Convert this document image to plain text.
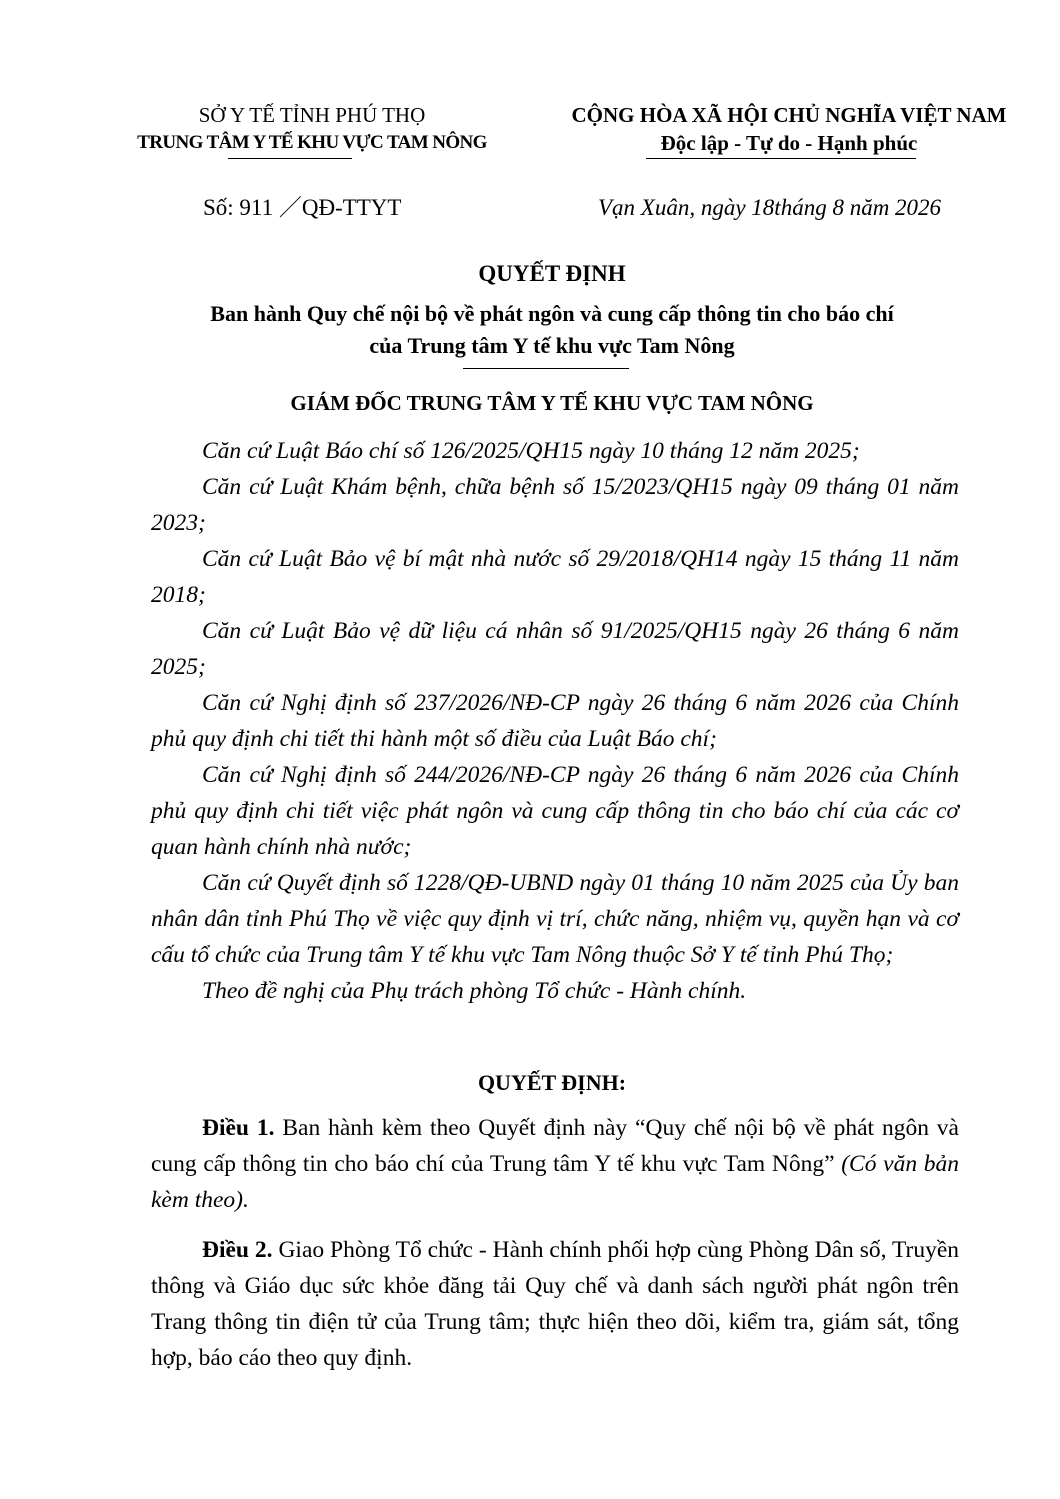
SỞ Y TẾ TỈNH PHÚ THỌ
TRUNG TÂM Y TẾ KHU VỰC TAM NÔNG
CỘNG HÒA XÃ HỘI CHỦ NGHĨA VIỆT NAM
Độc lập - Tự do - Hạnh phúc
Số: 911 ／QĐ-TTYT	Vạn Xuân, ngày 18tháng 8 năm 2026
QUYẾT ĐỊNH
Ban hành Quy chế nội bộ về phát ngôn và cung cấp thông tin cho báo chí
của Trung tâm Y tế khu vực Tam Nông
GIÁM ĐỐC TRUNG TÂM Y TẾ KHU VỰC TAM NÔNG

Căn cứ Luật Báo chí số 126/2025/QH15 ngày 10 tháng 12 năm 2025;

Căn cứ Luật Khám bệnh, chữa bệnh số 15/2023/QH15 ngày 09 tháng 01 năm 2023;

Căn cứ Luật Bảo vệ bí mật nhà nước số 29/2018/QH14 ngày 15 tháng 11 năm 2018;

Căn cứ Luật Bảo vệ dữ liệu cá nhân số 91/2025/QH15 ngày 26 tháng 6 năm 2025;

Căn cứ Nghị định số 237/2026/NĐ-CP ngày 26 tháng 6 năm 2026 của Chính phủ quy định chi tiết thi hành một số điều của Luật Báo chí;

Căn cứ Nghị định số 244/2026/NĐ-CP ngày 26 tháng 6 năm 2026 của Chính phủ quy định chi tiết việc phát ngôn và cung cấp thông tin cho báo chí của các cơ quan hành chính nhà nước;

Căn cứ Quyết định số 1228/QĐ-UBND ngày 01 tháng 10 năm 2025 của Ủy ban nhân dân tỉnh Phú Thọ về việc quy định vị trí, chức năng, nhiệm vụ, quyền hạn và cơ cấu tổ chức của Trung tâm Y tế khu vực Tam Nông thuộc Sở Y tế tỉnh Phú Thọ;

Theo đề nghị của Phụ trách phòng Tổ chức - Hành chính.

QUYẾT ĐỊNH:

Điều 1. Ban hành kèm theo Quyết định này “Quy chế nội bộ về phát ngôn và cung cấp thông tin cho báo chí của Trung tâm Y tế khu vực Tam Nông” (Có văn bản kèm theo).

Điều 2. Giao Phòng Tổ chức - Hành chính phối hợp cùng Phòng Dân số, Truyền thông và Giáo dục sức khỏe đăng tải Quy chế và danh sách người phát ngôn trên Trang thông tin điện tử của Trung tâm; thực hiện theo dõi, kiểm tra, giám sát, tổng hợp, báo cáo theo quy định.
